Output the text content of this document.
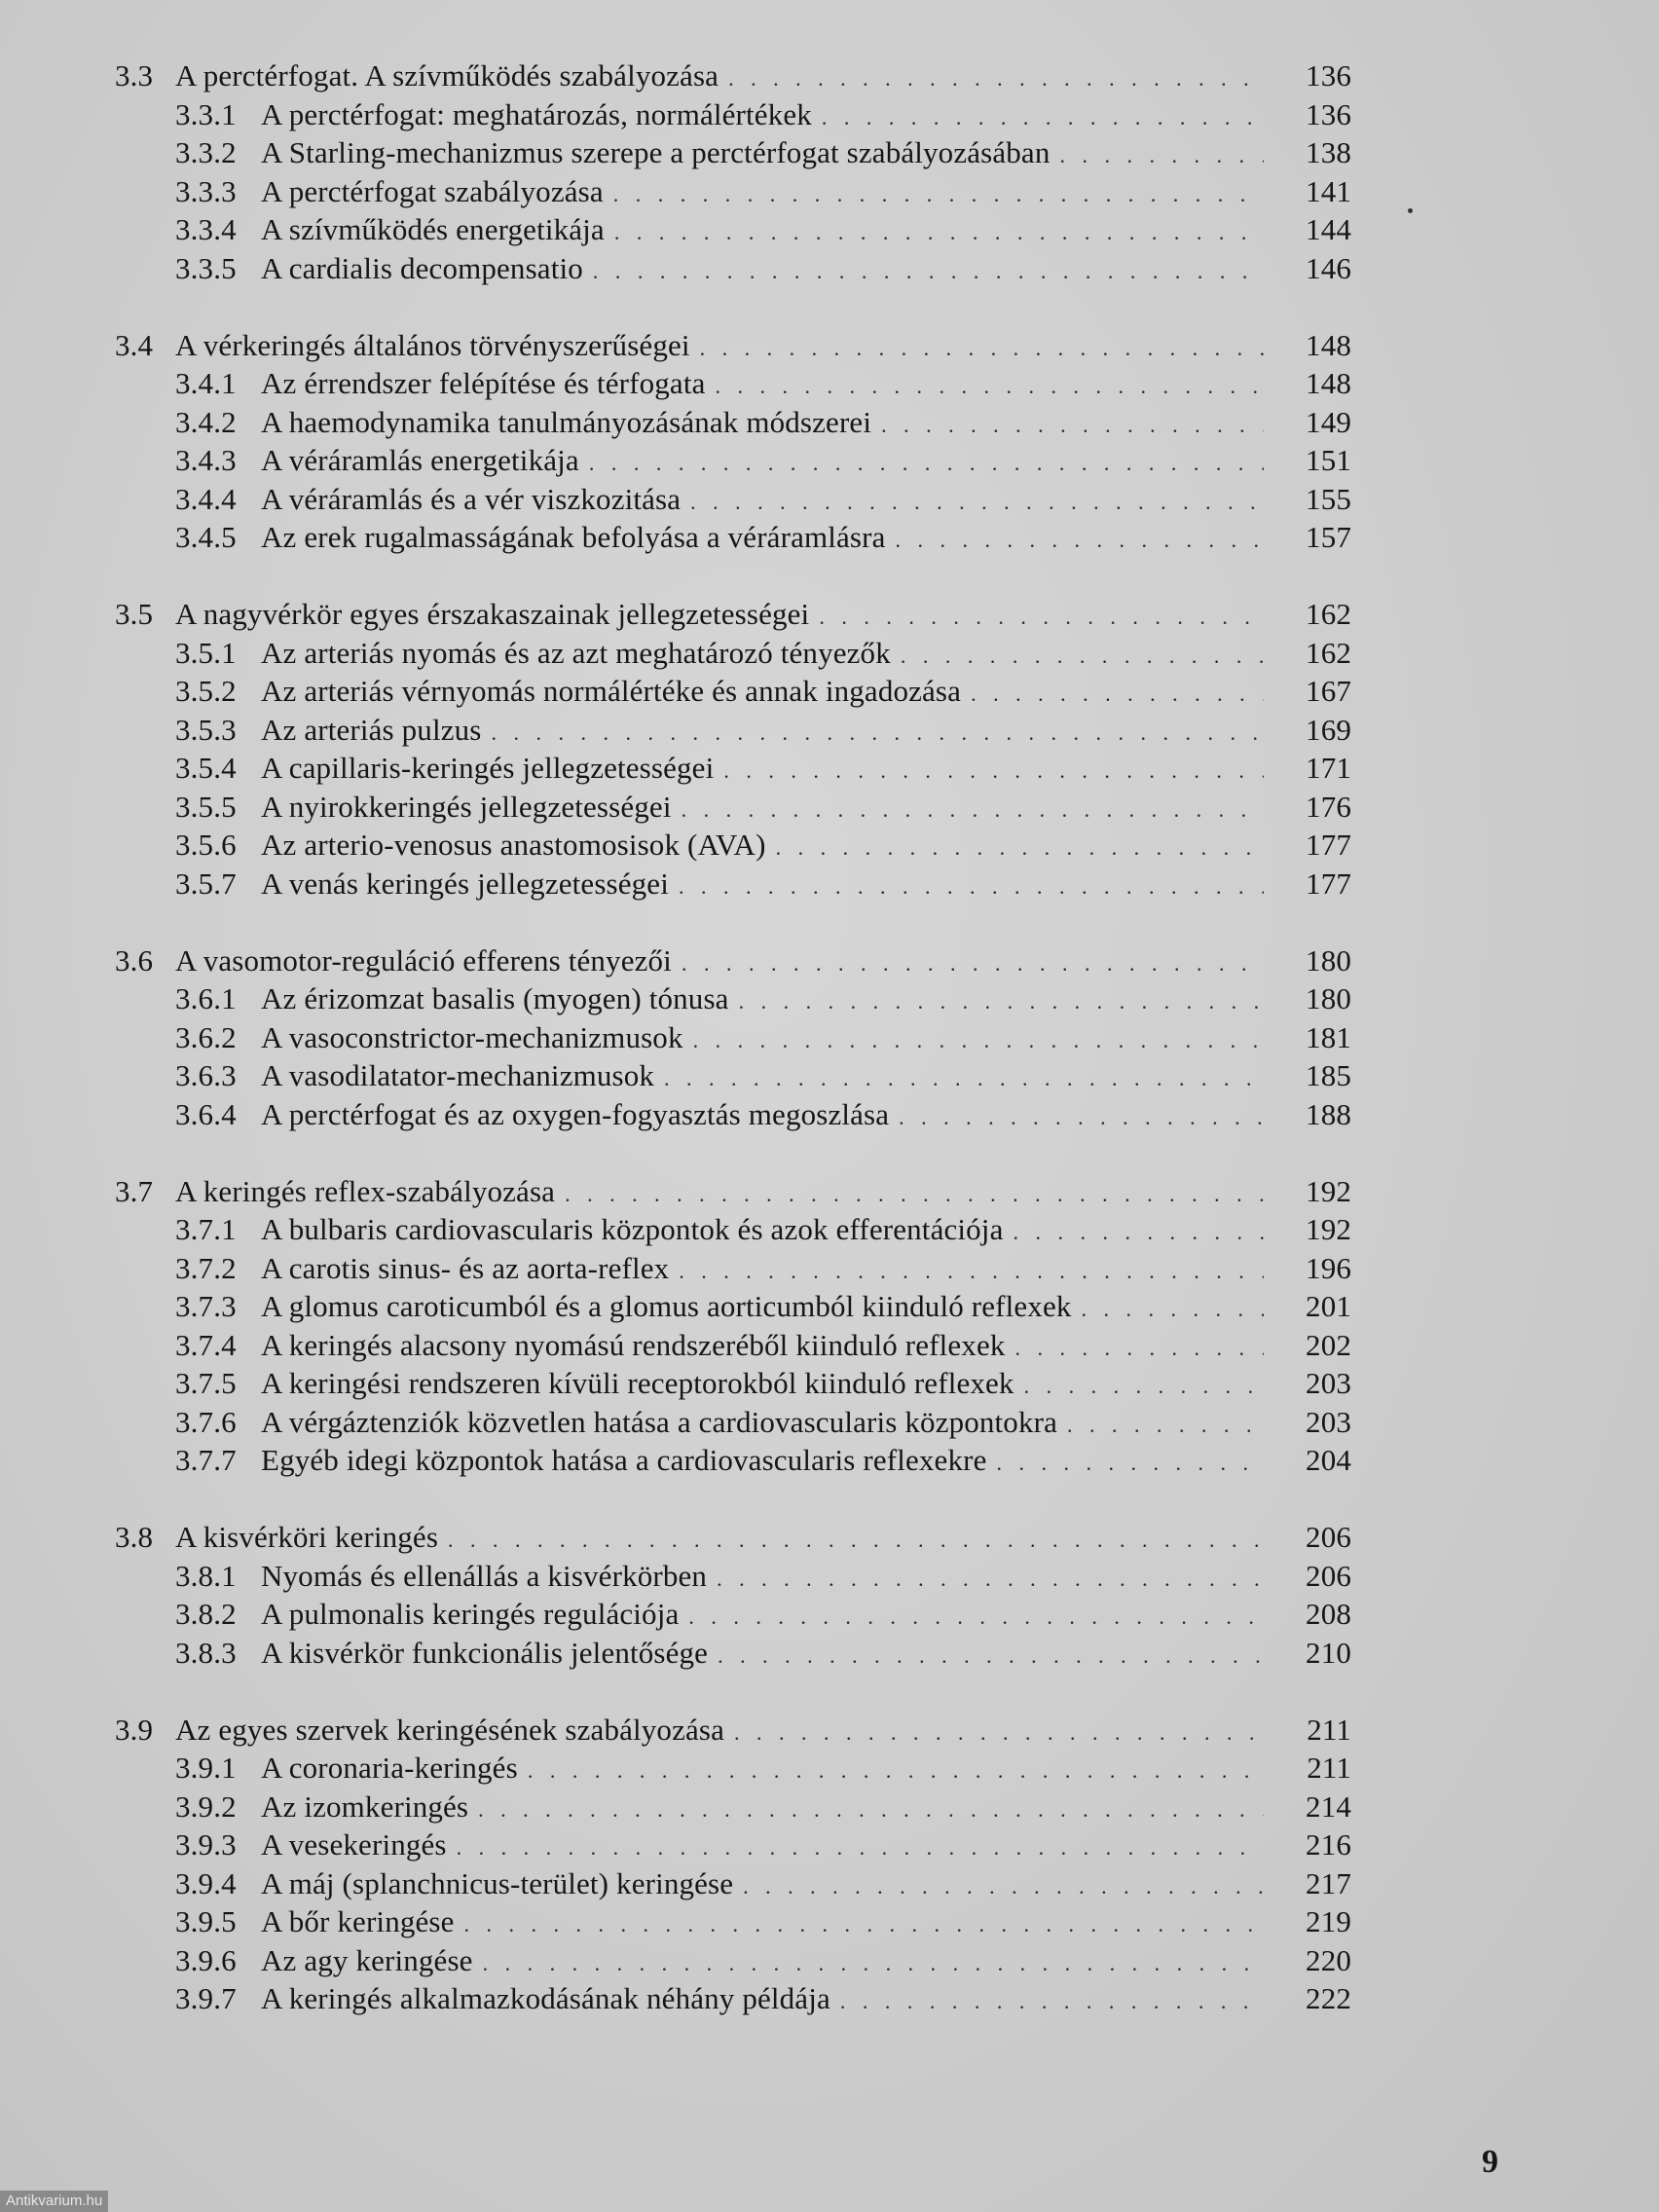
3.3 A perctérfogat. A szívműködés szabályozása . . .	136
3.3.1 A perctérfogat: meghatározás, normálértékek . . .	136
3.3.2 A Starling-mechanizmus szerepe a perctérfogat szabályozásában . . .	138
3.3.3 A perctérfogat szabályozása . . .	141
3.3.4 A szívműködés energetikája . . .	144
3.3.5 A cardialis decompensatio . . .	146
3.4 A vérkeringés általános törvényszerűségei . . .	148
3.4.1 Az érrendszer felépítése és térfogata . . .	148
3.4.2 A haemodynamika tanulmányozásának módszerei . . .	149
3.4.3 A véráramlás energetikája . . .	151
3.4.4 A véráramlás és a vér viszkozitása . . .	155
3.4.5 Az erek rugalmasságának befolyása a véráramlásra . . .	157
3.5 A nagyvérkör egyes érszakaszainak jellegzetességei . . .	162
3.5.1 Az arteriás nyomás és az azt meghatározó tényezők . . .	162
3.5.2 Az arteriás vérnyomás normálértéke és annak ingadozása . . .	167
3.5.3 Az arteriás pulzus . . .	169
3.5.4 A capillaris-keringés jellegzetességei . . .	171
3.5.5 A nyirokkeringés jellegzetességei . . .	176
3.5.6 Az arterio-venosus anastomosisok (AVA) . . .	177
3.5.7 A venás keringés jellegzetességei . . .	177
3.6 A vasomotor-reguláció efferens tényezői . . .	180
3.6.1 Az érizomzat basalis (myogen) tónusa . . .	180
3.6.2 A vasoconstrictor-mechanizmusok . . .	181
3.6.3 A vasodilatator-mechanizmusok . . .	185
3.6.4 A perctérfogat és az oxygen-fogyasztás megoszlása . . .	188
3.7 A keringés reflex-szabályozása . . .	192
3.7.1 A bulbaris cardiovascularis központok és azok efferentációja . . .	192
3.7.2 A carotis sinus- és az aorta-reflex . . .	196
3.7.3 A glomus caroticumból és a glomus aorticumból kiinduló reflexek . . .	201
3.7.4 A keringés alacsony nyomású rendszeréből kiinduló reflexek . . .	202
3.7.5 A keringési rendszeren kívüli receptorokból kiinduló reflexek . . .	203
3.7.6 A vérgáztenziók közvetlen hatása a cardiovascularis központokra . . .	203
3.7.7 Egyéb idegi központok hatása a cardiovascularis reflexekre . . .	204
3.8 A kisvérköri keringés . . .	206
3.8.1 Nyomás és ellenállás a kisvérkörben . . .	206
3.8.2 A pulmonalis keringés regulációja . . .	208
3.8.3 A kisvérkör funkcionális jelentősége . . .	210
3.9 Az egyes szervek keringésének szabályozása . . .	211
3.9.1 A coronaria-keringés . . .	211
3.9.2 Az izomkeringés . . .	214
3.9.3 A vesekeringés . . .	216
3.9.4 A máj (splanchnicus-terület) keringése . . .	217
3.9.5 A bőr keringése . . .	219
3.9.6 Az agy keringése . . .	220
3.9.7 A keringés alkalmazkodásának néhány példája . . .	222
9
Antikvarium.hu
